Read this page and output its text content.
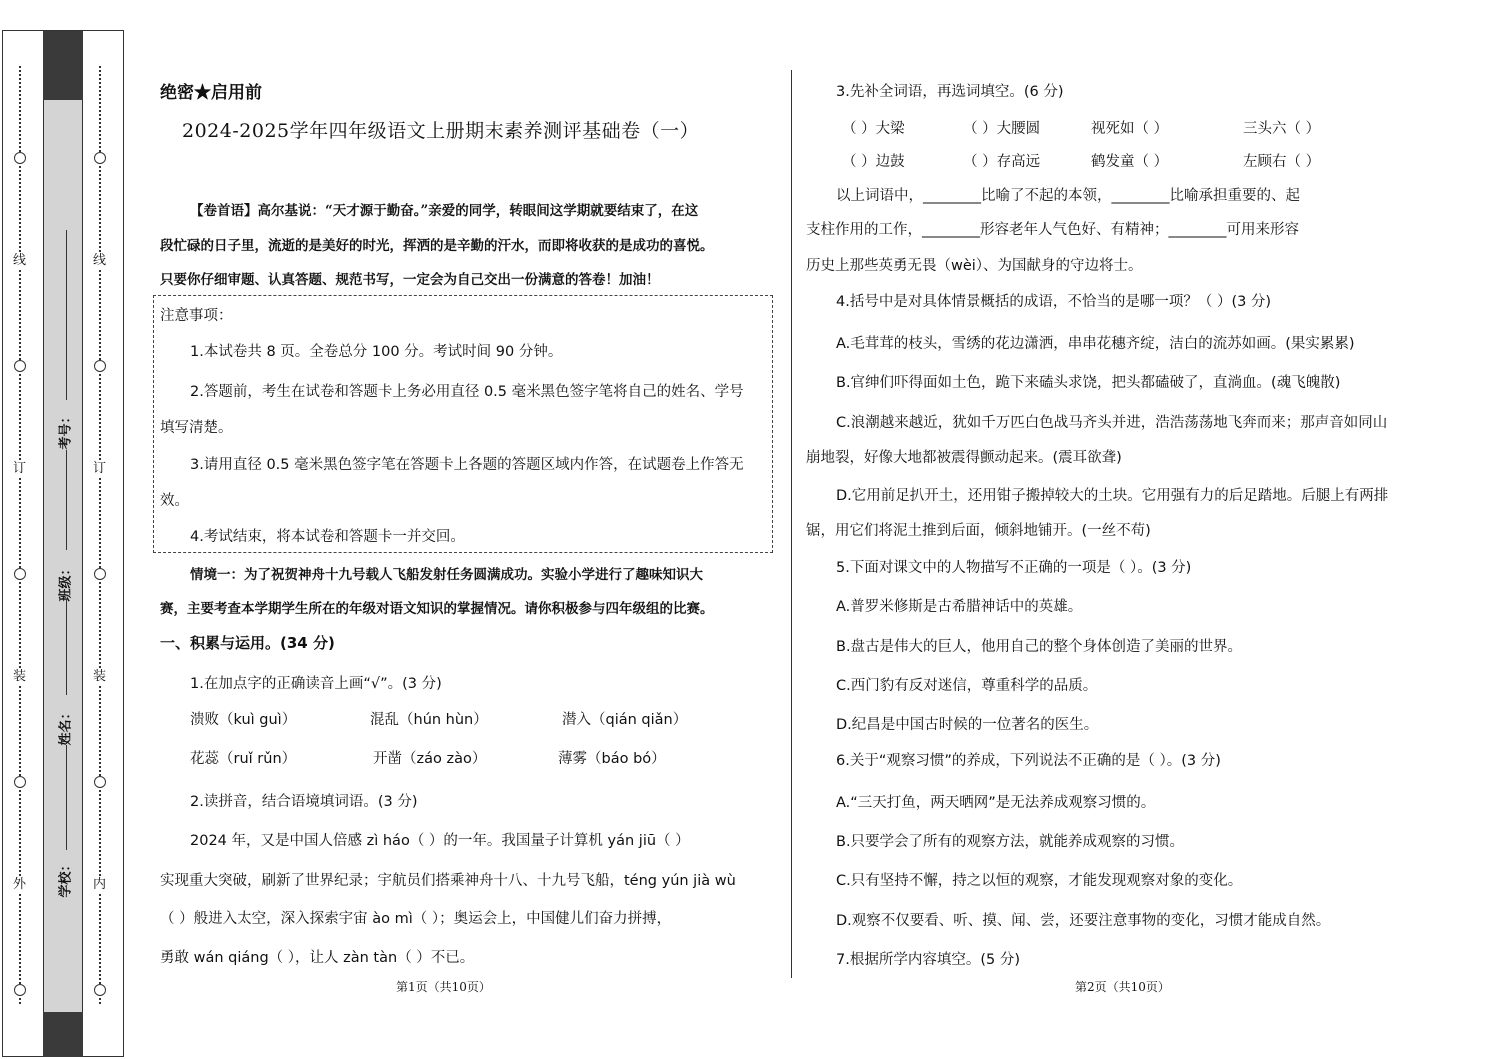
线
订
装
外
线
订
装
内
考号：
班级：
姓名：
学校：
绝密★启用前
2024-2025学年四年级语文上册期末素养测评基础卷（一）
【卷首语】高尔基说：“天才源于勤奋。”亲爱的同学，转眼间这学期就要结束了，在这
段忙碌的日子里，流逝的是美好的时光，挥洒的是辛勤的汗水，而即将收获的是成功的喜悦。
只要你仔细审题、认真答题、规范书写，一定会为自己交出一份满意的答卷！加油！
注意事项：
1.本试卷共 8 页。全卷总分 100 分。考试时间 90 分钟。
2.答题前，考生在试卷和答题卡上务必用直径 0.5 毫米黑色签字笔将自己的姓名、学号
填写清楚。
3.请用直径 0.5 毫米黑色签字笔在答题卡上各题的答题区域内作答，在试题卷上作答无
效。
4.考试结束，将本试卷和答题卡一并交回。
情境一：为了祝贺神舟十九号载人飞船发射任务圆满成功。实验小学进行了趣味知识大
赛，主要考查本学期学生所在的年级对语文知识的掌握情况。请你积极参与四年级组的比赛。
一、积累与运用。(34 分)
1.在加点字的正确读音上画“√”。(3 分)
溃败（kuì guì）	混乱（hún hùn）	潜入（qián qiǎn）
花蕊（ruǐ rǔn）	开凿（záo zào）	薄雾（báo bó）
2.读拼音，结合语境填词语。(3 分)
2024 年，又是中国人倍感 zì háo（ ）的一年。我国量子计算机 yán jiū（ ）
实现重大突破，刷新了世界纪录；宇航员们搭乘神舟十八、十九号飞船，téng yún jià wù
（ ）般进入太空，深入探索宇宙 ào mì（ ）；奥运会上，中国健儿们奋力拼搏，
勇敢 wán qiáng（ ），让人 zàn tàn（ ）不已。
第1页（共10页）
3.先补全词语，再选词填空。(6 分)
（ ）大梁	（ ）大腰圆	视死如（ ）	三头六（ ）
（ ）边鼓	（ ）存高远	鹤发童（ ）	左顾右（ ）
以上词语中，________比喻了不起的本领，________比喻承担重要的、起
支柱作用的工作，________形容老年人气色好、有精神；________可用来形容
历史上那些英勇无畏（wèi）、为国献身的守边将士。
4.括号中是对具体情景概括的成语，不恰当的是哪一项？（ ）(3 分)
A.毛茸茸的枝头，雪绣的花边潇洒，串串花穗齐绽，洁白的流苏如画。(果实累累)
B.官绅们吓得面如土色，跪下来磕头求饶，把头都磕破了，直淌血。(魂飞魄散)
C.浪潮越来越近，犹如千万匹白色战马齐头并进，浩浩荡荡地飞奔而来；那声音如同山
崩地裂，好像大地都被震得颤动起来。(震耳欲聋)
D.它用前足扒开土，还用钳子搬掉较大的土块。它用强有力的后足踏地。后腿上有两排
锯，用它们将泥土推到后面，倾斜地铺开。(一丝不苟)
5.下面对课文中的人物描写不正确的一项是（ ）。(3 分)
A.普罗米修斯是古希腊神话中的英雄。
B.盘古是伟大的巨人，他用自己的整个身体创造了美丽的世界。
C.西门豹有反对迷信，尊重科学的品质。
D.纪昌是中国古时候的一位著名的医生。
6.关于“观察习惯”的养成，下列说法不正确的是（ ）。(3 分)
A.“三天打鱼，两天晒网”是无法养成观察习惯的。
B.只要学会了所有的观察方法，就能养成观察的习惯。
C.只有坚持不懈，持之以恒的观察，才能发现观察对象的变化。
D.观察不仅要看、听、摸、闻、尝，还要注意事物的变化，习惯才能成自然。
7.根据所学内容填空。(5 分)
第2页（共10页）
